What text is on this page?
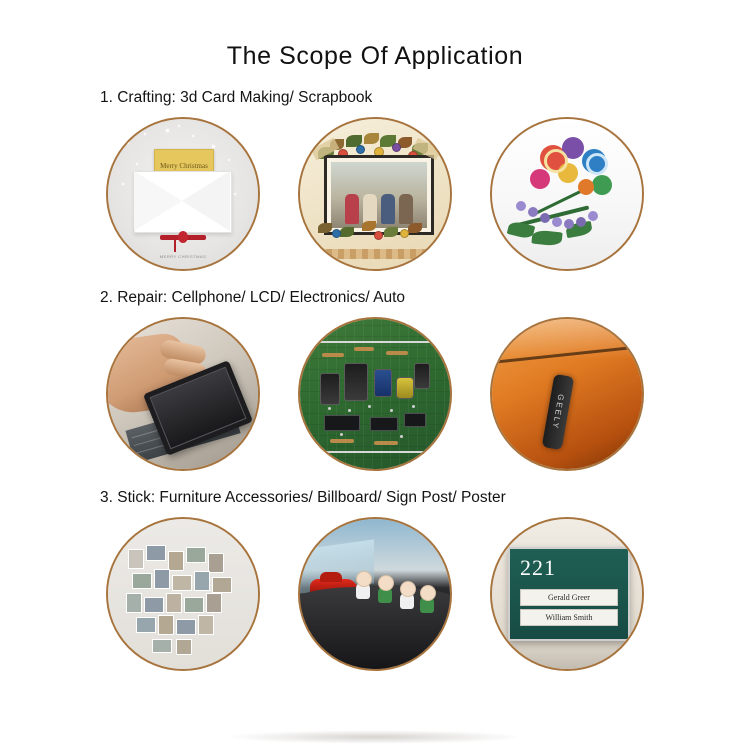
The Scope Of Application
1. Crafting: 3d Card Making/ Scrapbook
Merry Christmas
MERRY CHRISTMAS
2. Repair: Cellphone/ LCD/ Electronics/ Auto
GEELY
3. Stick: Furniture Accessories/ Billboard/ Sign Post/ Poster
221
Gerald Greer
William Smith
